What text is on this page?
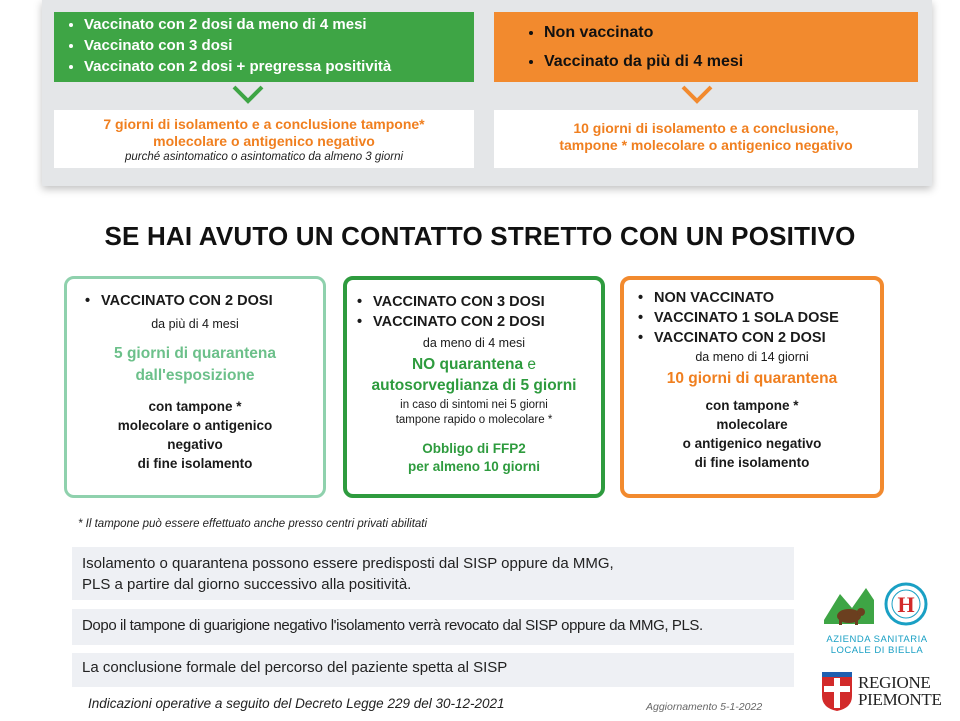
• Vaccinato con 2 dosi da meno di 4 mesi
• Vaccinato con 3 dosi
• Vaccinato con 2 dosi + pregressa positività
• Non vaccinato
• Vaccinato da più di 4 mesi
7 giorni di isolamento e a conclusione tampone*
molecolare o antigenico negativo
purché asintomatico o asintomatico da almeno 3 giorni
10 giorni di isolamento e a conclusione,
tampone * molecolare o antigenico negativo
SE HAI AVUTO UN CONTATTO STRETTO CON UN POSITIVO
• VACCINATO CON 2 DOSI
da più di 4 mesi
5 giorni di quarantena
dall'esposizione
con tampone *
molecolare o antigenico
negativo
di fine isolamento
• VACCINATO CON 3 DOSI
• VACCINATO CON 2 DOSI
da meno di 4 mesi
NO quarantena e
autosorveglianza di 5 giorni
in caso di sintomi nei 5 giorni
tampone rapido o molecolare *
Obbligo di FFP2
per almeno 10 giorni
• NON VACCINATO
• VACCINATO 1 SOLA DOSE
• VACCINATO CON 2 DOSI
da meno di 14 giorni
10 giorni di quarantena
con tampone *
molecolare
o antigenico negativo
di fine isolamento
* Il tampone può essere effettuato anche presso centri privati abilitati
Isolamento o quarantena possono essere predisposti dal SISP oppure da MMG,
PLS a partire dal giorno successivo alla positività.
Dopo il tampone di guarigione negativo l'isolamento verrà revocato dal SISP oppure da MMG, PLS.
La conclusione formale del percorso del paziente spetta al SISP
Indicazioni operative a seguito del Decreto Legge 229 del 30-12-2021	Aggiornamento 5-1-2022
H
AZIENDA SANITARIA
LOCALE DI BIELLA
REGIONE
PIEMONTE
